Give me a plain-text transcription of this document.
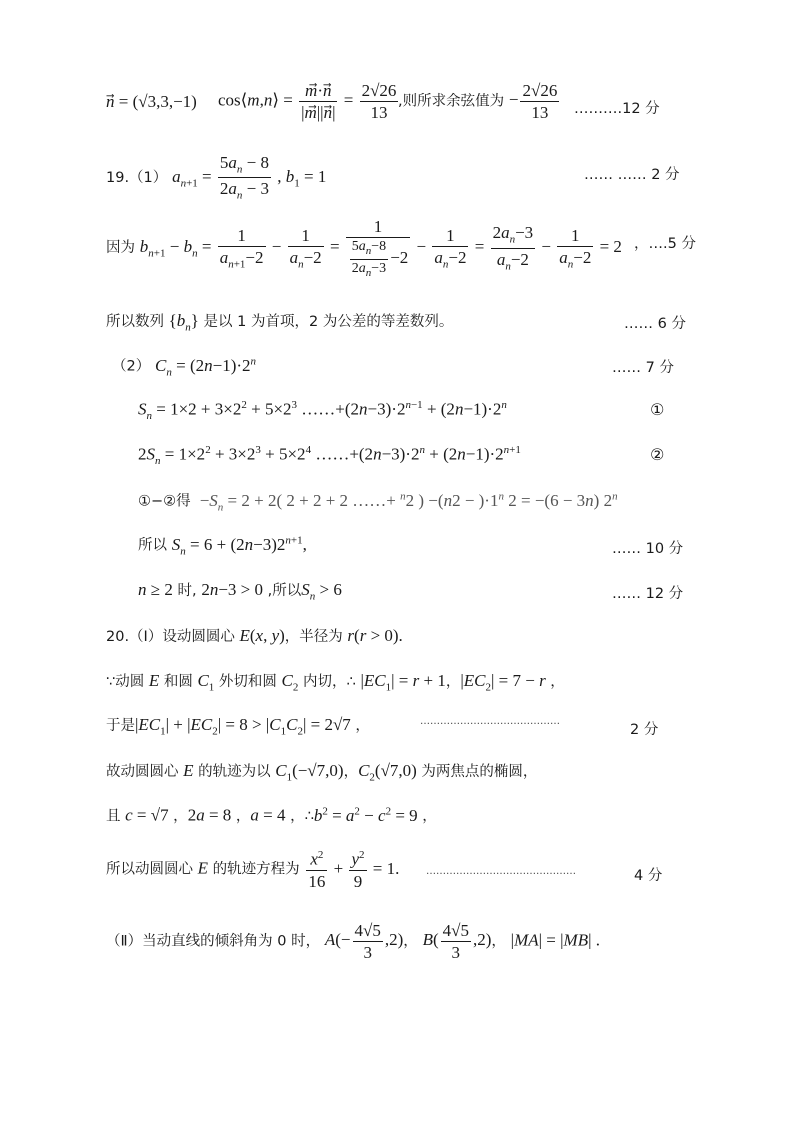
n⃗ = (√3,3,−1) cos⟨m,n⟩ = $\frac{m⃗\cdot n}{|m⃗||n⃗|} = \frac{2√26}{13}$ ,则所求余弦值为 − $\frac{2√26}{13}$ ……….12 分
19.（1） $a_{n+1} = \frac{5a_n - 8}{2a_n - 3}$ , $b_1 = 1$	…… …… 2 分
因为 $b_{n+1} - b_n = \frac{1}{a_{n+1}-2} - \frac{1}{a_n-2} = \frac{1}{\frac{5a_n-8}{2a_n-3} -2} - \frac{1}{a_n-2} = \frac{2a_n-3}{a_n-2} - \frac{1}{a_n-2} = 2$ ，….5 分
所以数列 $\{b_n\}$ 是以 1 为首项，2 为公差的等差数列。	…… 6 分
（2） $C_n = (2n-1)\cdot 2^n$	…… 7 分
$S_n = 1\times 2 + 3\times 2^2 + 5\times 2^3$ $\dots\dots+(2n-3)\cdot 2^{n-1} + (2n-1)\cdot 2^n$	①
$2S_n = 1\times 2^2 + 3\times 2^3 + 5\times 2^4$ $\dots\dots+(2n-3)\cdot 2^n + (2n-1)\cdot 2^{n+1}$	②
①−②得  $-S_n = 2 + 2$( 2 + 2 + 2 ……+ $^n$2 ) $-(n2 - )\cdot 1^n$ 2 = −(6 − 3n) 2$^n$
所以 $S_n = 6 + (2n-3)2^{n+1}$,	…… 10 分
n ≥ 2 时, 2n−3 > 0 ,所以$S_n > 6$	…… 12 分
20.（Ⅰ）设动圆圆心 E(x, y)，半径为 r(r > 0).
∵动圆 E 和圆 $C_1$ 外切和圆 $C_2$ 内切，∴ $|EC_1| = r + 1$，$|EC_2| = 7 - r$ ，
于是$|EC_1| + |EC_2| = 8 > |C_1C_2| = 2√7$ ，	……………………………………
2 分
故动圆圆心 E 的轨迹为以 $C_1(-√7,0)$，$C_2(√7,0)$ 为两焦点的椭圆，
且 c = √7 ，2a = 8 ，a = 4 ，$\therefore b^2 = a^2 - c^2 = 9$ ，
所以动圆圆心 E 的轨迹方程为 $\frac{x^2}{16} + \frac{y^2}{9} = 1$.	………………………………………	4 分
（Ⅱ）当动直线的倾斜角为 0 时， $A(- \frac{4√5}{3} ,2)$， $B( \frac{4√5}{3} ,2)$， |MA| = |MB| .
